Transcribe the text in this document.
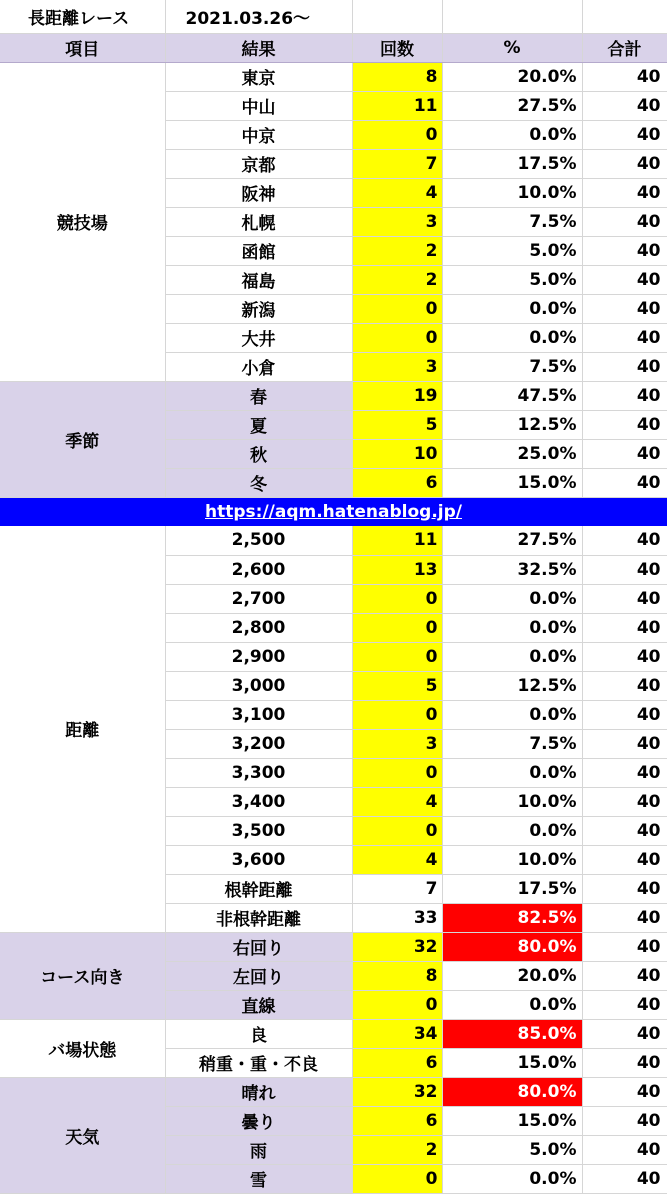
長距離レース	2021.03.26～			
項目	結果	回数	%	合計
競技場	東京	8	20.0%	40
	中山	11	27.5%	40
	中京	0	0.0%	40
	京都	7	17.5%	40
	阪神	4	10.0%	40
	札幌	3	7.5%	40
	函館	2	5.0%	40
	福島	2	5.0%	40
	新潟	0	0.0%	40
	大井	0	0.0%	40
	小倉	3	7.5%	40
季節	春	19	47.5%	40
	夏	5	12.5%	40
	秋	10	25.0%	40
	冬	6	15.0%	40
https://aqm.hatenablog.jp/				
距離	2,500	11	27.5%	40
	2,600	13	32.5%	40
	2,700	0	0.0%	40
	2,800	0	0.0%	40
	2,900	0	0.0%	40
	3,000	5	12.5%	40
	3,100	0	0.0%	40
	3,200	3	7.5%	40
	3,300	0	0.0%	40
	3,400	4	10.0%	40
	3,500	0	0.0%	40
	3,600	4	10.0%	40
	根幹距離	7	17.5%	40
	非根幹距離	33	82.5%	40
コース向き	右回り	32	80.0%	40
	左回り	8	20.0%	40
	直線	0	0.0%	40
バ場状態	良	34	85.0%	40
	稍重・重・不良	6	15.0%	40
天気	晴れ	32	80.0%	40
	曇り	6	15.0%	40
	雨	2	5.0%	40
	雪	0	0.0%	40
